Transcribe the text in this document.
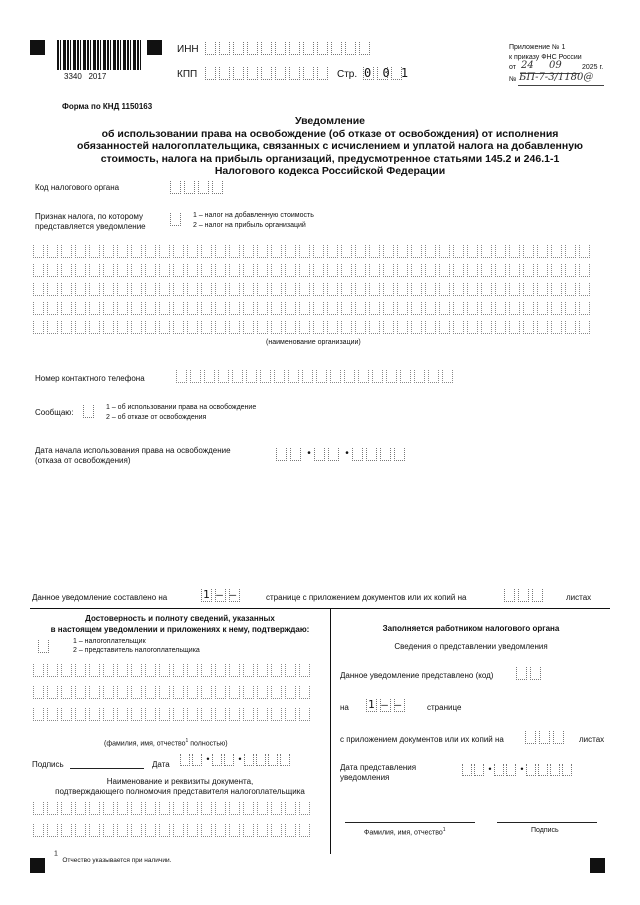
3340   2017
ИНН
КПП	Стр. 0 0 1
Приложение № 1
к приказу ФНС России
от 24 09	2025 г.
№ БП-7-3/1180@
Форма по КНД 1150163
Уведомление
об использовании права на освобождение (об отказе от освобождения) от исполнения
обязанностей налогоплательщика, связанных с исчислением и уплатой налога на добавленную
стоимость, налога на прибыль организаций, предусмотренное статьями 145.2 и 246.1-1
Налогового кодекса Российской Федерации
Код налогового органа
Признак налога, по которому
представляется уведомление
1 – налог на добавленную стоимость
2 – налог на прибыль организаций
(наименование организации)
Номер контактного телефона
Сообщаю:
1 – об использовании права на освобождение
2 – об отказе от освобождения
Дата начала использования права на освобождение
(отказа от освобождения)
•	•
Данное уведомление составлено на	1 – –	странице с приложением документов или их копий на	листах
Достоверность и полноту сведений, указанных
в настоящем уведомлении и приложениях к нему, подтверждаю:
1 – налогоплательщик
2 – представитель налогоплательщика
(фамилия, имя, отчество$^1$ полностью)
Подпись	Дата
•	•
Наименование и реквизиты документа,
подтверждающего полномочия представителя налогоплательщика
Заполняется работником налогового органа
Сведения о представлении уведомления
Данное уведомление представлено (код)
на 1 – –	странице
с приложением документов или их копий на	листах
Дата представления
уведомления
•	•
Фамилия, имя, отчество$^1$	Подпись
$^1$ Отчество указывается при наличии.
